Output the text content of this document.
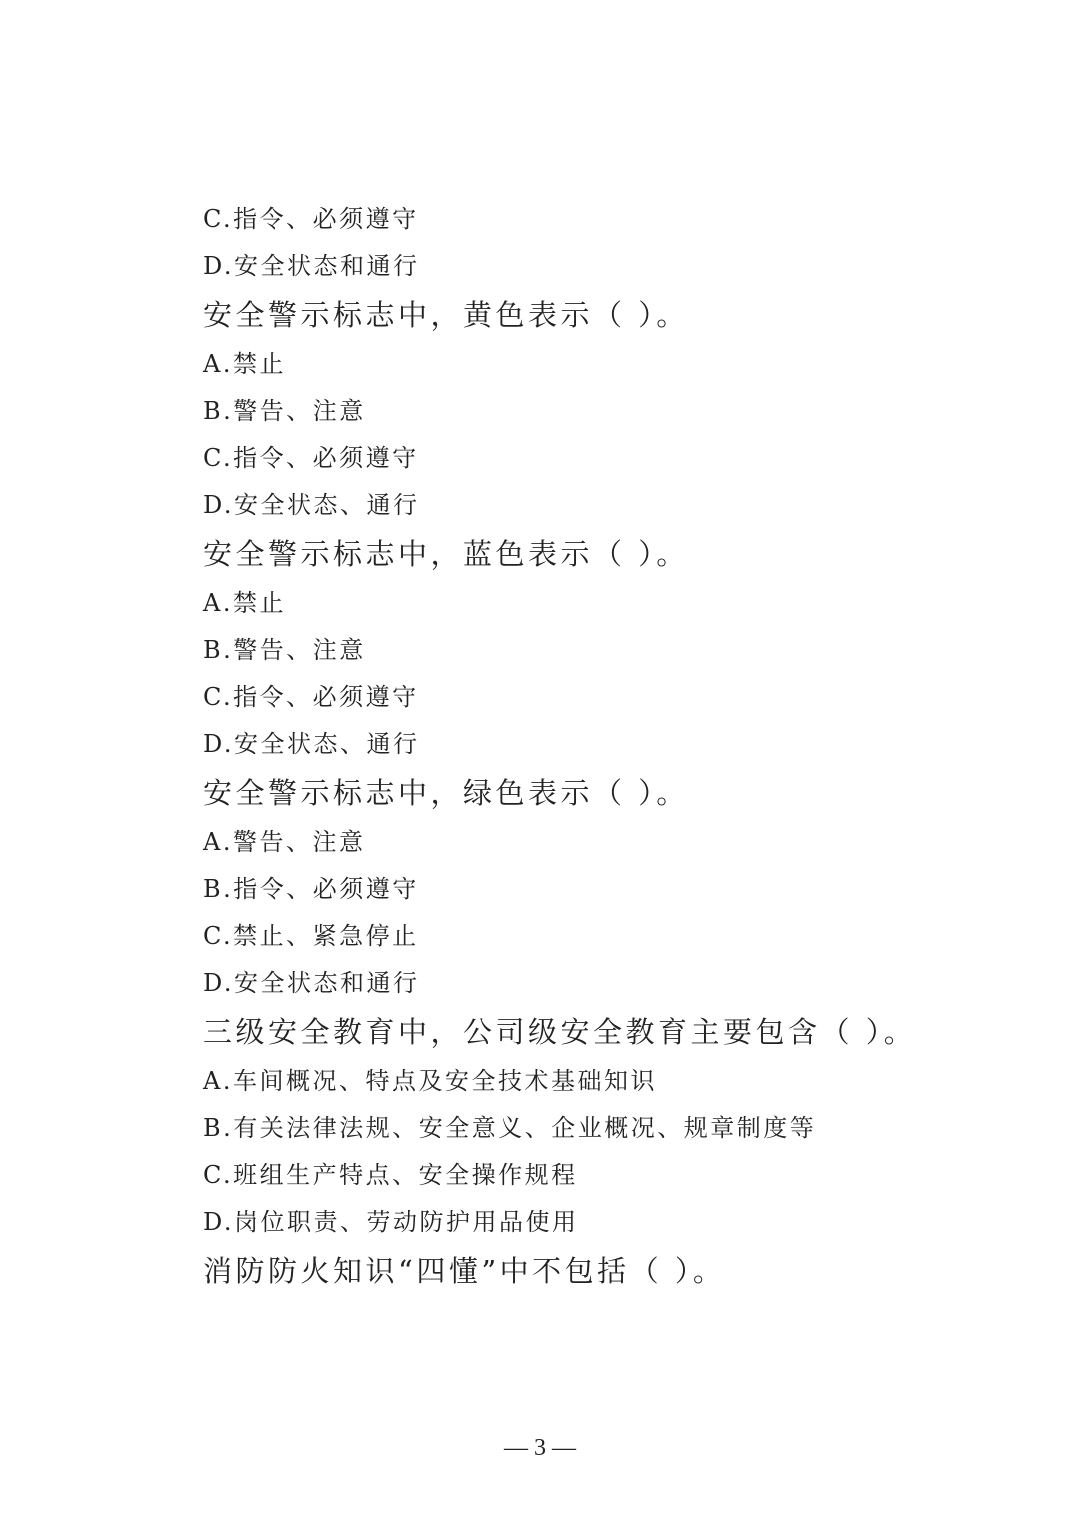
C.指令、必须遵守
D.安全状态和通行
安全警示标志中，黄色表示（ ）。
A.禁止
B.警告、注意
C.指令、必须遵守
D.安全状态、通行
安全警示标志中，蓝色表示（ ）。
A.禁止
B.警告、注意
C.指令、必须遵守
D.安全状态、通行
安全警示标志中，绿色表示（ ）。
A.警告、注意
B.指令、必须遵守
C.禁止、紧急停止
D.安全状态和通行
三级安全教育中，公司级安全教育主要包含（ ）。
A.车间概况、特点及安全技术基础知识
B.有关法律法规、安全意义、企业概况、规章制度等
C.班组生产特点、安全操作规程
D.岗位职责、劳动防护用品使用
消防防火知识“四懂”中不包括（ ）。
— 3 —
